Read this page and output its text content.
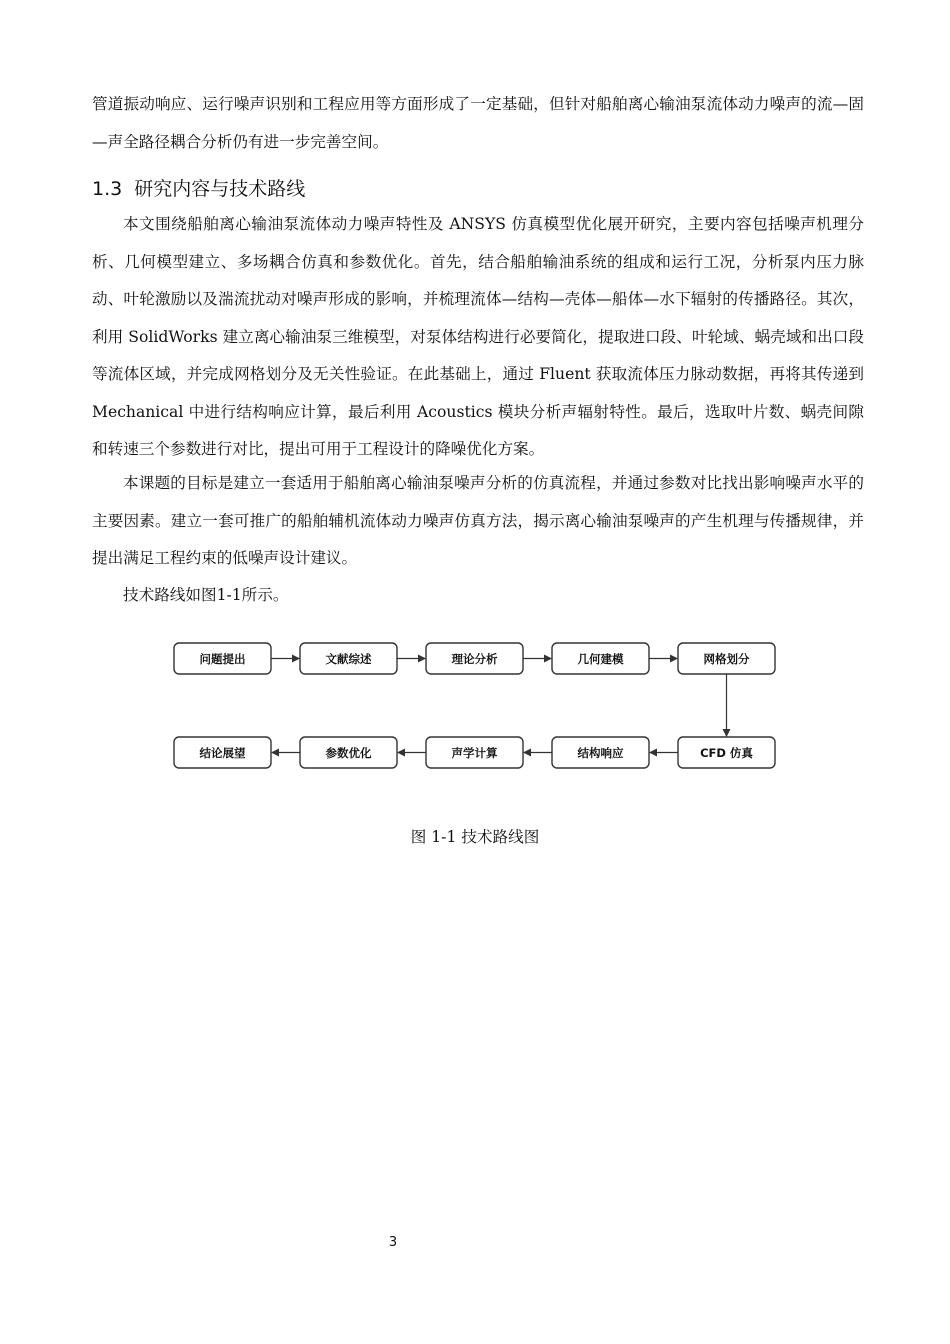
管道振动响应、运行噪声识别和工程应用等方面形成了一定基础，但针对船舶离心输油泵流体动力噪声的流—固—声全路径耦合分析仍有进一步完善空间。

1.3 研究内容与技术路线

本文围绕船舶离心输油泵流体动力噪声特性及 ANSYS 仿真模型优化展开研究，主要内容包括噪声机理分析、几何模型建立、多场耦合仿真和参数优化。首先，结合船舶输油系统的组成和运行工况，分析泵内压力脉动、叶轮激励以及湍流扰动对噪声形成的影响，并梳理流体—结构—壳体—船体—水下辐射的传播路径。其次，利用 SolidWorks 建立离心输油泵三维模型，对泵体结构进行必要简化，提取进口段、叶轮域、蜗壳域和出口段等流体区域，并完成网格划分及无关性验证。在此基础上，通过 Fluent 获取流体压力脉动数据，再将其传递到 Mechanical 中进行结构响应计算，最后利用 Acoustics 模块分析声辐射特性。最后，选取叶片数、蜗壳间隙和转速三个参数进行对比，提出可用于工程设计的降噪优化方案。

本课题的目标是建立一套适用于船舶离心输油泵噪声分析的仿真流程，并通过参数对比找出影响噪声水平的主要因素。建立一套可推广的船舶辅机流体动力噪声仿真方法，揭示离心输油泵噪声的产生机理与传播规律，并提出满足工程约束的低噪声设计建议。

技术路线如图1-1所示。

问题提出	文献综述	理论分析	几何建模	网格划分
结论展望	参数优化	声学计算	结构响应	CFD 仿真

图 1-1 技术路线图

3
